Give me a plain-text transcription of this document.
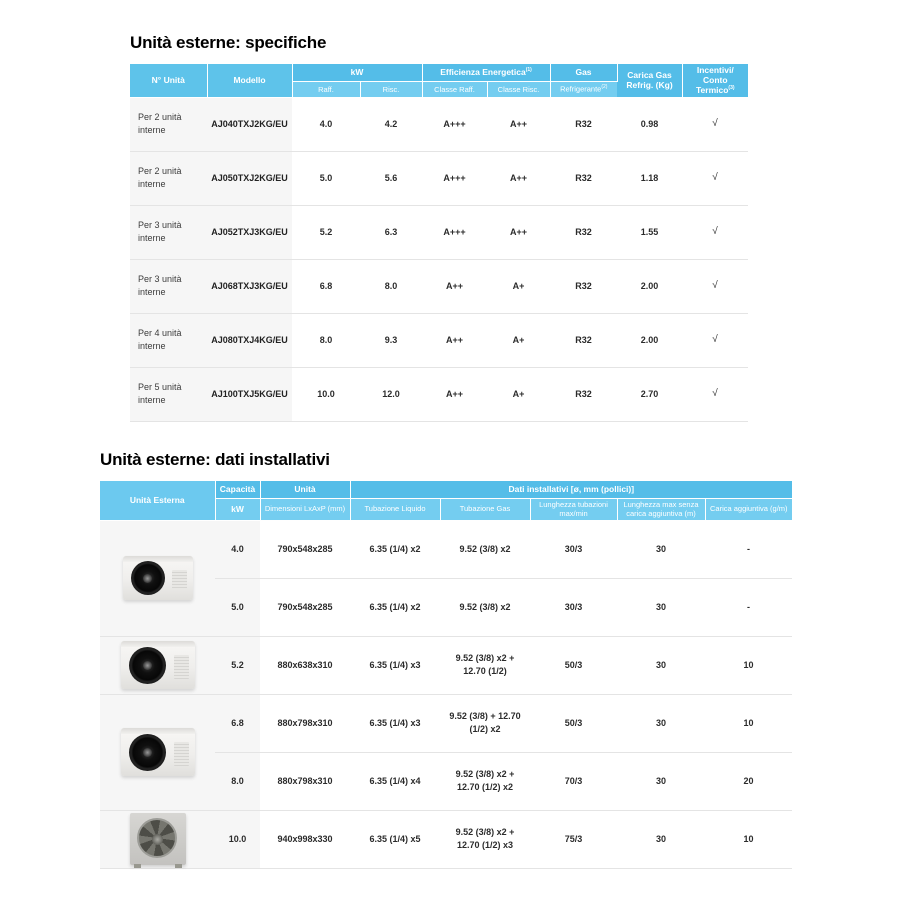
Unità esterne: specifiche
N° Unità	Modello	kW		Efficienza Energetica$^{(1)}$		Gas	Carica Gas
Refrig. (Kg)	Incentivi/
Conto Termico$^{(3)}$
		Raff.	Risc.	Classe Raff.	Classe Risc.	Refrigerante$^{(2)}$
Per 2 unità interne	AJ040TXJ2KG/EU	4.0	4.2	A+++	A++	R32	0.98	√
Per 2 unità interne	AJ050TXJ2KG/EU	5.0	5.6	A+++	A++	R32	1.18	√
Per 3 unità interne	AJ052TXJ3KG/EU	5.2	6.3	A+++	A++	R32	1.55	√
Per 3 unità interne	AJ068TXJ3KG/EU	6.8	8.0	A++	A+	R32	2.00	√
Per 4 unità interne	AJ080TXJ4KG/EU	8.0	9.3	A++	A+	R32	2.00	√
Per 5 unità interne	AJ100TXJ5KG/EU	10.0	12.0	A++	A+	R32	2.70	√
Unità esterne: dati installativi
Unità Esterna	Capacità	Unità	Dati installativi [ø, mm (pollici)]				
	kW	Dimensioni LxAxP (mm)	Tubazione Liquido	Tubazione Gas	Lunghezza tubazioni max/min	Lunghezza max senza carica aggiuntiva (m)	Carica aggiuntiva (g/m)

	4.0	790x548x285	6.35 (1/4) x2	9.52 (3/8) x2	30/3	30	-
	5.0	790x548x285	6.35 (1/4) x2	9.52 (3/8) x2	30/3	30	-

	5.2	880x638x310	6.35 (1/4) x3	9.52 (3/8) x2 + 12.70 (1/2)	50/3	30	10

	6.8	880x798x310	6.35 (1/4) x3	9.52 (3/8) + 12.70 (1/2) x2	50/3	30	10
	8.0	880x798x310	6.35 (1/4) x4	9.52 (3/8) x2 + 12.70 (1/2) x2	70/3	30	20

	10.0	940x998x330	6.35 (1/4) x5	9.52 (3/8) x2 + 12.70 (1/2) x3	75/3	30	10
